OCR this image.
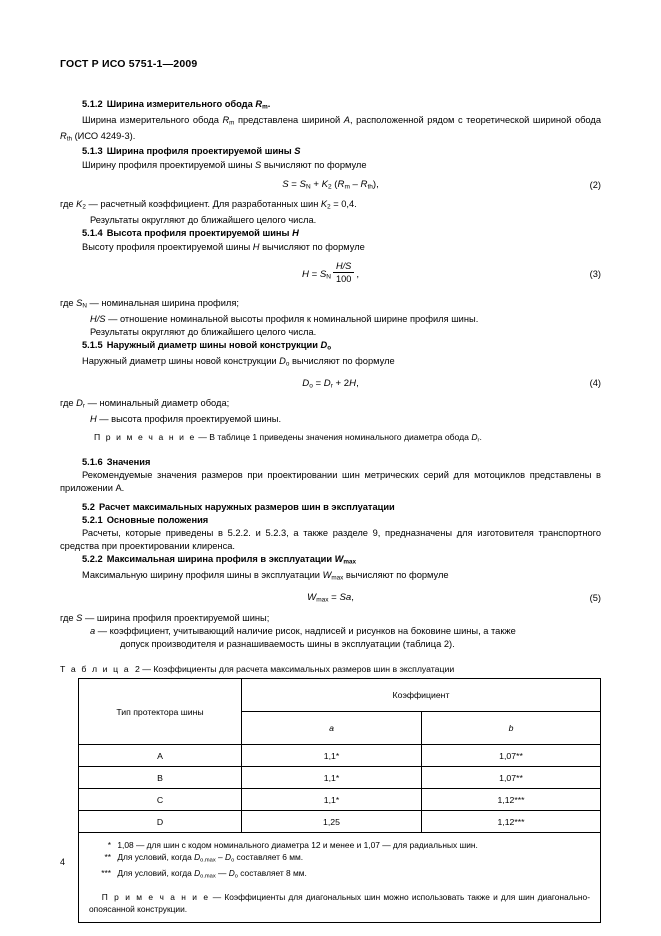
ГОСТ Р ИСО 5751-1—2009
5.1.2 Ширина измерительного обода $R_m$.

Ширина измерительного обода $R_m$ представлена шириной A, расположенной рядом с теоретической шириной обода $R_{th}$ (ИСО 4249-3).

5.1.3 Ширина профиля проектируемой шины S

Ширину профиля проектируемой шины S вычисляют по формуле

$S = S_N + K_2$ $(R_m - R_{th})$,	(2)

где $K_2$ — расчетный коэффициент. Для разработанных шин $K_2 = 0,4$.

Результаты округляют до ближайшего целого числа.

5.1.4 Высота профиля проектируемой шины H

Высоту профиля проектируемой шины H вычисляют по формуле

$H = S_N \frac{H/S}{100}$ ,	(3)

где $S_N$ — номинальная ширина профиля;

H/S — отношение номинальной высоты профиля к номинальной ширине профиля шины.

Результаты округляют до ближайшего целого числа.

5.1.5 Наружный диаметр шины новой конструкции $D_o$

Наружный диаметр шины новой конструкции $D_o$ вычисляют по формуле

$D_o = D_r + 2H$,	(4)

где $D_r$ — номинальный диаметр обода;

H — высота профиля проектируемой шины.

П р и м е ч а н и е — В таблице 1 приведены значения номинального диаметра обода $D_r$.

5.1.6 Значения

Рекомендуемые значения размеров при проектировании шин метрических серий для мотоциклов представлены в приложении А.

5.2 Расчет максимальных наружных размеров шин в эксплуатации
5.2.1 Основные положения

Расчеты, которые приведены в 5.2.2. и 5.2.3, а также разделе 9, предназначены для изготовителя транспортного средства при проектировании клиренса.

5.2.2 Максимальная ширина профиля в эксплуатации $W_{max}$

Максимальную ширину профиля шины в эксплуатации $W_{max}$ вычисляют по формуле

$W_{max} = Sa$,	(5)

где S — ширина профиля проектируемой шины;

a — коэффициент, учитывающий наличие рисок, надписей и рисунков на боковине шины, а также

допуск производителя и разнашиваемость шины в эксплуатации (таблица 2).

Т а б л и ц а 2 — Коэффициенты для расчета максимальных размеров шин в эксплуатации

Тип протектора шины	Коэффициент	
	a	b
A	1,1*	1,07**
B	1,1*	1,07**
C	1,1*	1,12***
D	1,25	1,12***

* 1,08 — для шин с кодом номинального диаметра 12 и менее и 1,07 — для радиальных шин.
** Для условий, когда $D_{o.max} - D_o$ составляет 6 мм.
*** Для условий, когда $D_{o.max}$ — $D_o$ составляет 8 мм.
П р и м е ч а н и е — Коэффициенты для диагональных шин можно использовать также и для шин диагонально-опоясанной конструкции.
4
